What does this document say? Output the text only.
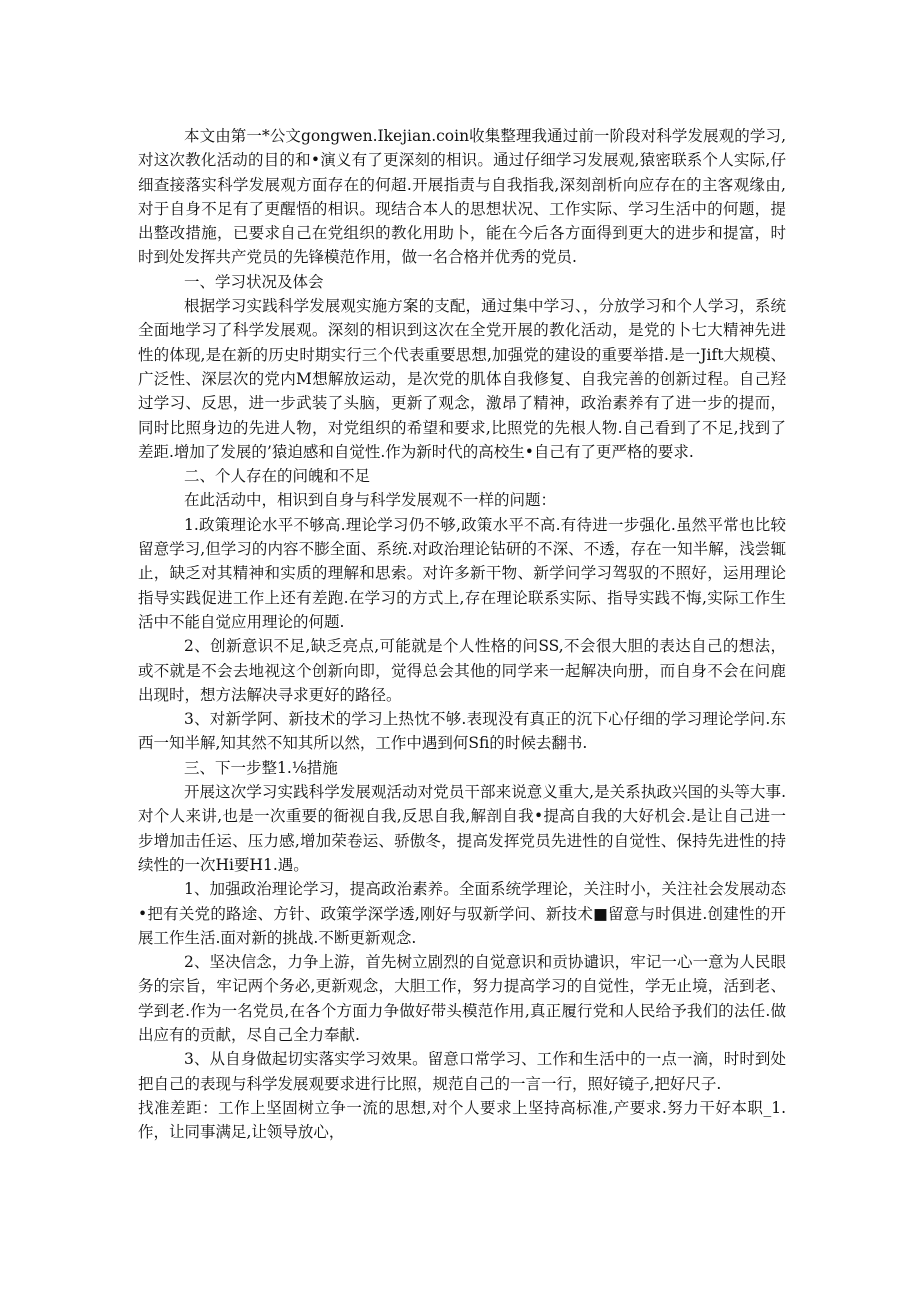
本文由第一*公文gongwen.Ikejian.coin收集整理我通过前一阶段对科学发展观的学习,对这次教化活动的目的和•演义有了更深刻的相识。通过仔细学习发展观,猿密联系个人实际,仔细查接落实科学发展观方面存在的何超.开展指责与自我指我,深刻剖析向应存在的主客观缘由,对于自身不足有了更醒悟的相识。现结合本人的思想状况、工作实际、学习生活中的何题，提出整改措施，已要求自己在党组织的教化用助卜，能在今后各方面得到更大的进步和提富，时时到处发挥共产党员的先锋模范作用，做一名合格并优秀的党员.

一、学习状况及体会

根据学习实践科学发展观实施方案的支配，通过集中学习、，分放学习和个人学习，系统全面地学习了科学发展观。深刻的相识到这次在全党开展的教化活动，是党的卜七大精神先进性的体现,是在新的历史时期实行三个代表重要思想,加强党的建设的重要举措.是一Jift大规模、广泛性、深层次的党内M想解放运动，是次党的肌体自我修复、自我完善的创新过程。自己羟过学习、反思，进一步武装了头脑，更新了观念，激昂了精神，政治素养有了进一步的提而，同时比照身边的先进人物，对党组织的希望和要求,比照党的先根人物.自己看到了不足,找到了差距.增加了发展的’猿迫感和自觉性.作为新时代的高校生•自己有了更严格的要求.

二、个人存在的问魄和不足

在此活动中，相识到自身与科学发展观不一样的问题：

1.政策理论水平不够高.理论学习仍不够,政策水平不高.有待进一步强化.虽然平常也比较留意学习,但学习的内容不膨全面、系统.对政治理论钻研的不深、不透，存在一知半解，浅尝辄止，缺乏对其精神和实质的理解和思索。对许多新干物、新学问学习驾驭的不照好，运用理论指导实践促进工作上还有差跑.在学习的方式上,存在理论联系实际、指导实践不悔,实际工作生活中不能自觉应用理论的何题.

2、创新意识不足,缺乏亮点,可能就是个人性格的问SS,不会很大胆的表达自己的想法，或不就是不会去地视这个创新向即，觉得总会其他的同学来一起解决向册，而自身不会在问鹿出现时，想方法解决寻求更好的路径。

3、对新学阿、新技术的学习上热忱不够.表现没有真正的沉下心仔细的学习理论学问.东西一知半解,知其然不知其所以然，工作中遇到何Sfi的时候去翻书.

三、下一步整1.⅛措施

开展这次学习实践科学发展观活动对党员干部来说意义重大,是关系执政兴国的头等大事.对个人来讲,也是一次重要的衙视自我,反思自我,解剖自我•提高自我的大好机会.是让自己进一步增加击任运、压力感,增加荣卷运、骄傲冬，提高发挥党员先进性的自觉性、保持先进性的持续性的一次Hi要H1.遇。

1、加强政治理论学习，提高政治素养。全面系统学理论，关注时小，关注社会发展动态•把有关党的路途、方针、政策学深学透,刚好与驭新学问、新技术■留意与时俱进.创建性的开展工作生活.面对新的挑战.不断更新观念.

2、坚决信念，力争上游，首先树立剧烈的自觉意识和贡协谴识，牢记一心一意为人民眼务的宗旨，牢记两个务必,更新观念，大胆工作，努力提高学习的自觉性，学无止境，活到老、学到老.作为一名党员,在各个方面力争做好带头模范作用,真正履行党和人民给予我们的法任.做出应有的贡献，尽自己全力奉献.

3、从自身做起切实落实学习效果。留意口常学习、工作和生活中的一点一滴，时时到处把自己的表现与科学发展观要求进行比照，规范自己的一言一行，照好镜子,把好尺子.

找准差距：工作上坚固树立争一流的思想,对个人要求上坚持高标准,产要求.努力干好本职_1.作，让同事满足,让领导放心，
